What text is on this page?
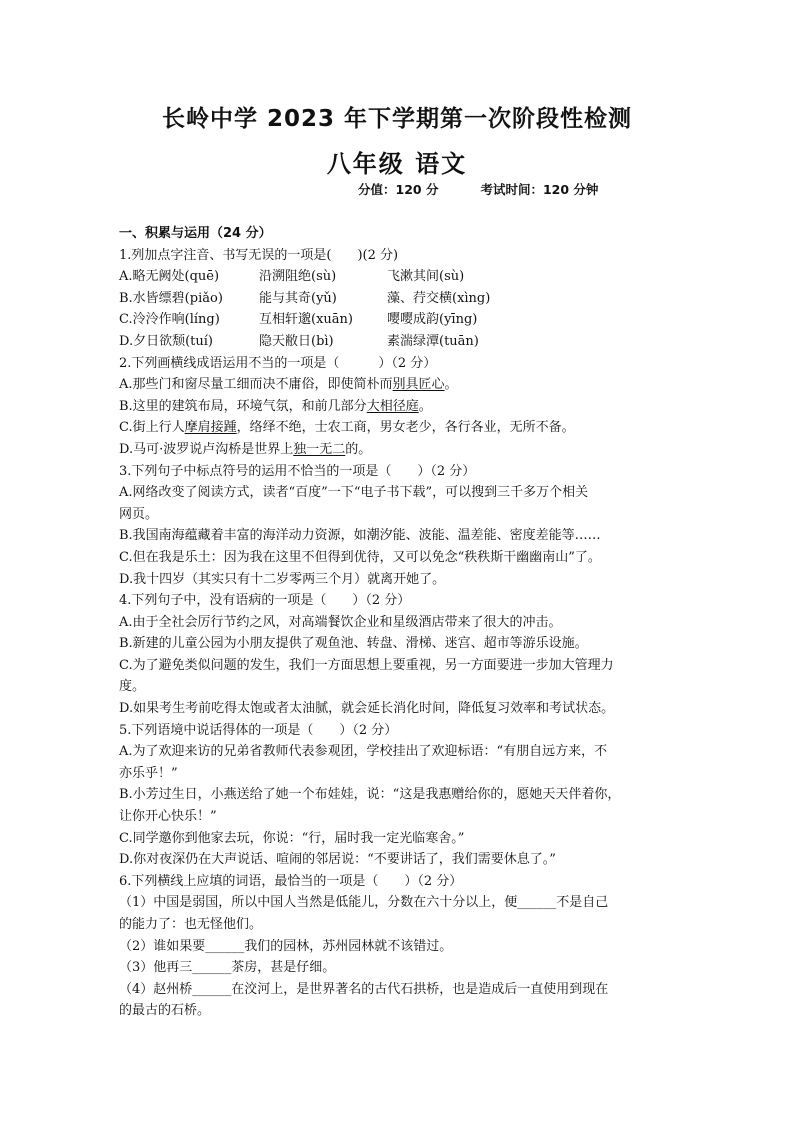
长岭中学 2023 年下学期第一次阶段性检测
八年级 语文
分值：120 分	考试时间：120 分钟
一、积累与运用（24 分）
1.列加点字注音、书写无误的一项是(　　)(2 分)
A.略无阙处(quē)	沿溯阻绝(sù)	飞漱其间(sù)
B.水皆缥碧(piǎo)	能与其奇(yǔ)	藻、荇交横(xìng)
C.泠泠作响(líng)	互相轩邈(xuān)	嘤嘤成韵(yīng)
D.夕日欲颓(tuí)	隐天敝日(bì)	素湍绿潭(tuān)
2.下列画横线成语运用不当的一项是（　　　）（2 分）
A.那些门和窗尽量工细而决不庸俗，即使简朴而别具匠心。
B.这里的建筑布局，环境气氛，和前几部分大相径庭。
C.街上行人摩肩接踵，络绎不绝，士农工商，男女老少，各行各业，无所不备。
D.马可·波罗说卢沟桥是世界上独一无二的。
3.下列句子中标点符号的运用不恰当的一项是（　　）（2 分）
A.网络改变了阅读方式，读者“百度”一下“电子书下载”，可以搜到三千多万个相关
网页。
B.我国南海蕴藏着丰富的海洋动力资源，如潮汐能、波能、温差能、密度差能等……
C.但在我是乐土：因为我在这里不但得到优待，又可以免念“秩秩斯干幽幽南山”了。
D.我十四岁（其实只有十二岁零两三个月）就离开她了。
4.下列句子中，没有语病的一项是（　　）（2 分）
A.由于全社会厉行节约之风，对高端餐饮企业和星级酒店带来了很大的冲击。
B.新建的儿童公园为小朋友提供了观鱼池、转盘、滑梯、迷宫、超市等游乐设施。
C.为了避免类似问题的发生，我们一方面思想上要重视，另一方面要进一步加大管理力
度。
D.如果考生考前吃得太饱或者太油腻，就会延长消化时间，降低复习效率和考试状态。
5.下列语境中说话得体的一项是（　　）（2 分）
A.为了欢迎来访的兄弟省教师代表参观团，学校挂出了欢迎标语：“有朋自远方来，不
亦乐乎！”
B.小芳过生日，小燕送给了她一个布娃娃，说：“这是我惠赠给你的，愿她天天伴着你，
让你开心快乐！”
C.同学邀你到他家去玩，你说：“行，届时我一定光临寒舍。”
D.你对夜深仍在大声说话、喧闹的邻居说：“不要讲话了，我们需要休息了。”
6.下列横线上应填的词语，最恰当的一项是（　　）（2 分）
（1）中国是弱国，所以中国人当然是低能儿，分数在六十分以上，便______不是自己
的能力了：也无怪他们。
（2）谁如果要______我们的园林，苏州园林就不该错过。
（3）他再三______茶房，甚是仔细。
（4）赵州桥______在洨河上，是世界著名的古代石拱桥，也是造成后一直使用到现在
的最古的石桥。
